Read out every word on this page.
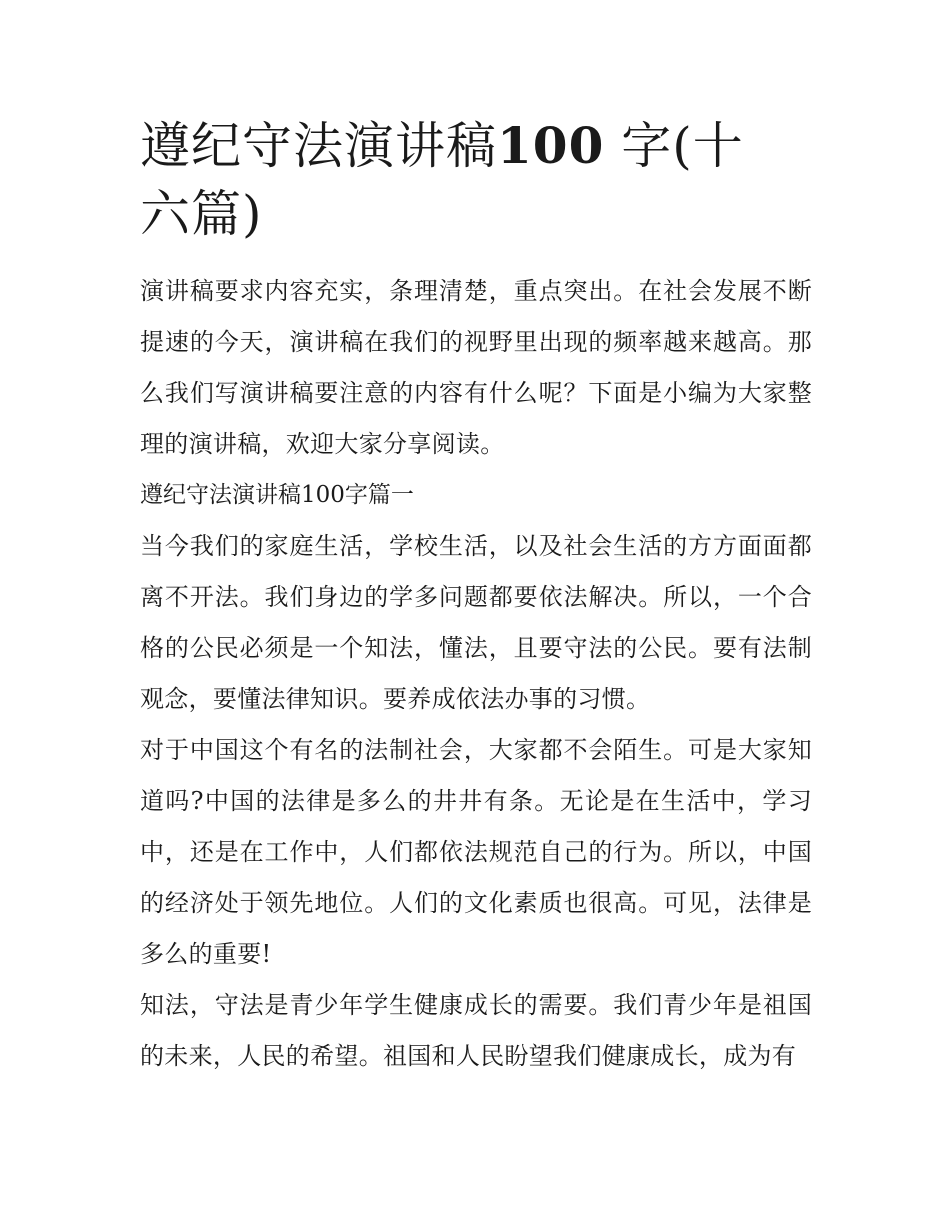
遵纪守法演讲稿100 字(十六篇)

演讲稿要求内容充实，条理清楚，重点突出。在社会发展不断提速的今天，演讲稿在我们的视野里出现的频率越来越高。那么我们写演讲稿要注意的内容有什么呢？下面是小编为大家整理的演讲稿，欢迎大家分享阅读。

遵纪守法演讲稿100字篇一

当今我们的家庭生活，学校生活，以及社会生活的方方面面都离不开法。我们身边的学多问题都要依法解决。所以，一个合格的公民必须是一个知法，懂法，且要守法的公民。要有法制观念，要懂法律知识。要养成依法办事的习惯。

对于中国这个有名的法制社会，大家都不会陌生。可是大家知道吗?中国的法律是多么的井井有条。无论是在生活中，学习中，还是在工作中，人们都依法规范自己的行为。所以，中国的经济处于领先地位。人们的文化素质也很高。可见，法律是多么的重要!

知法，守法是青少年学生健康成长的需要。我们青少年是祖国的未来，人民的希望。祖国和人民盼望我们健康成长，成为有
